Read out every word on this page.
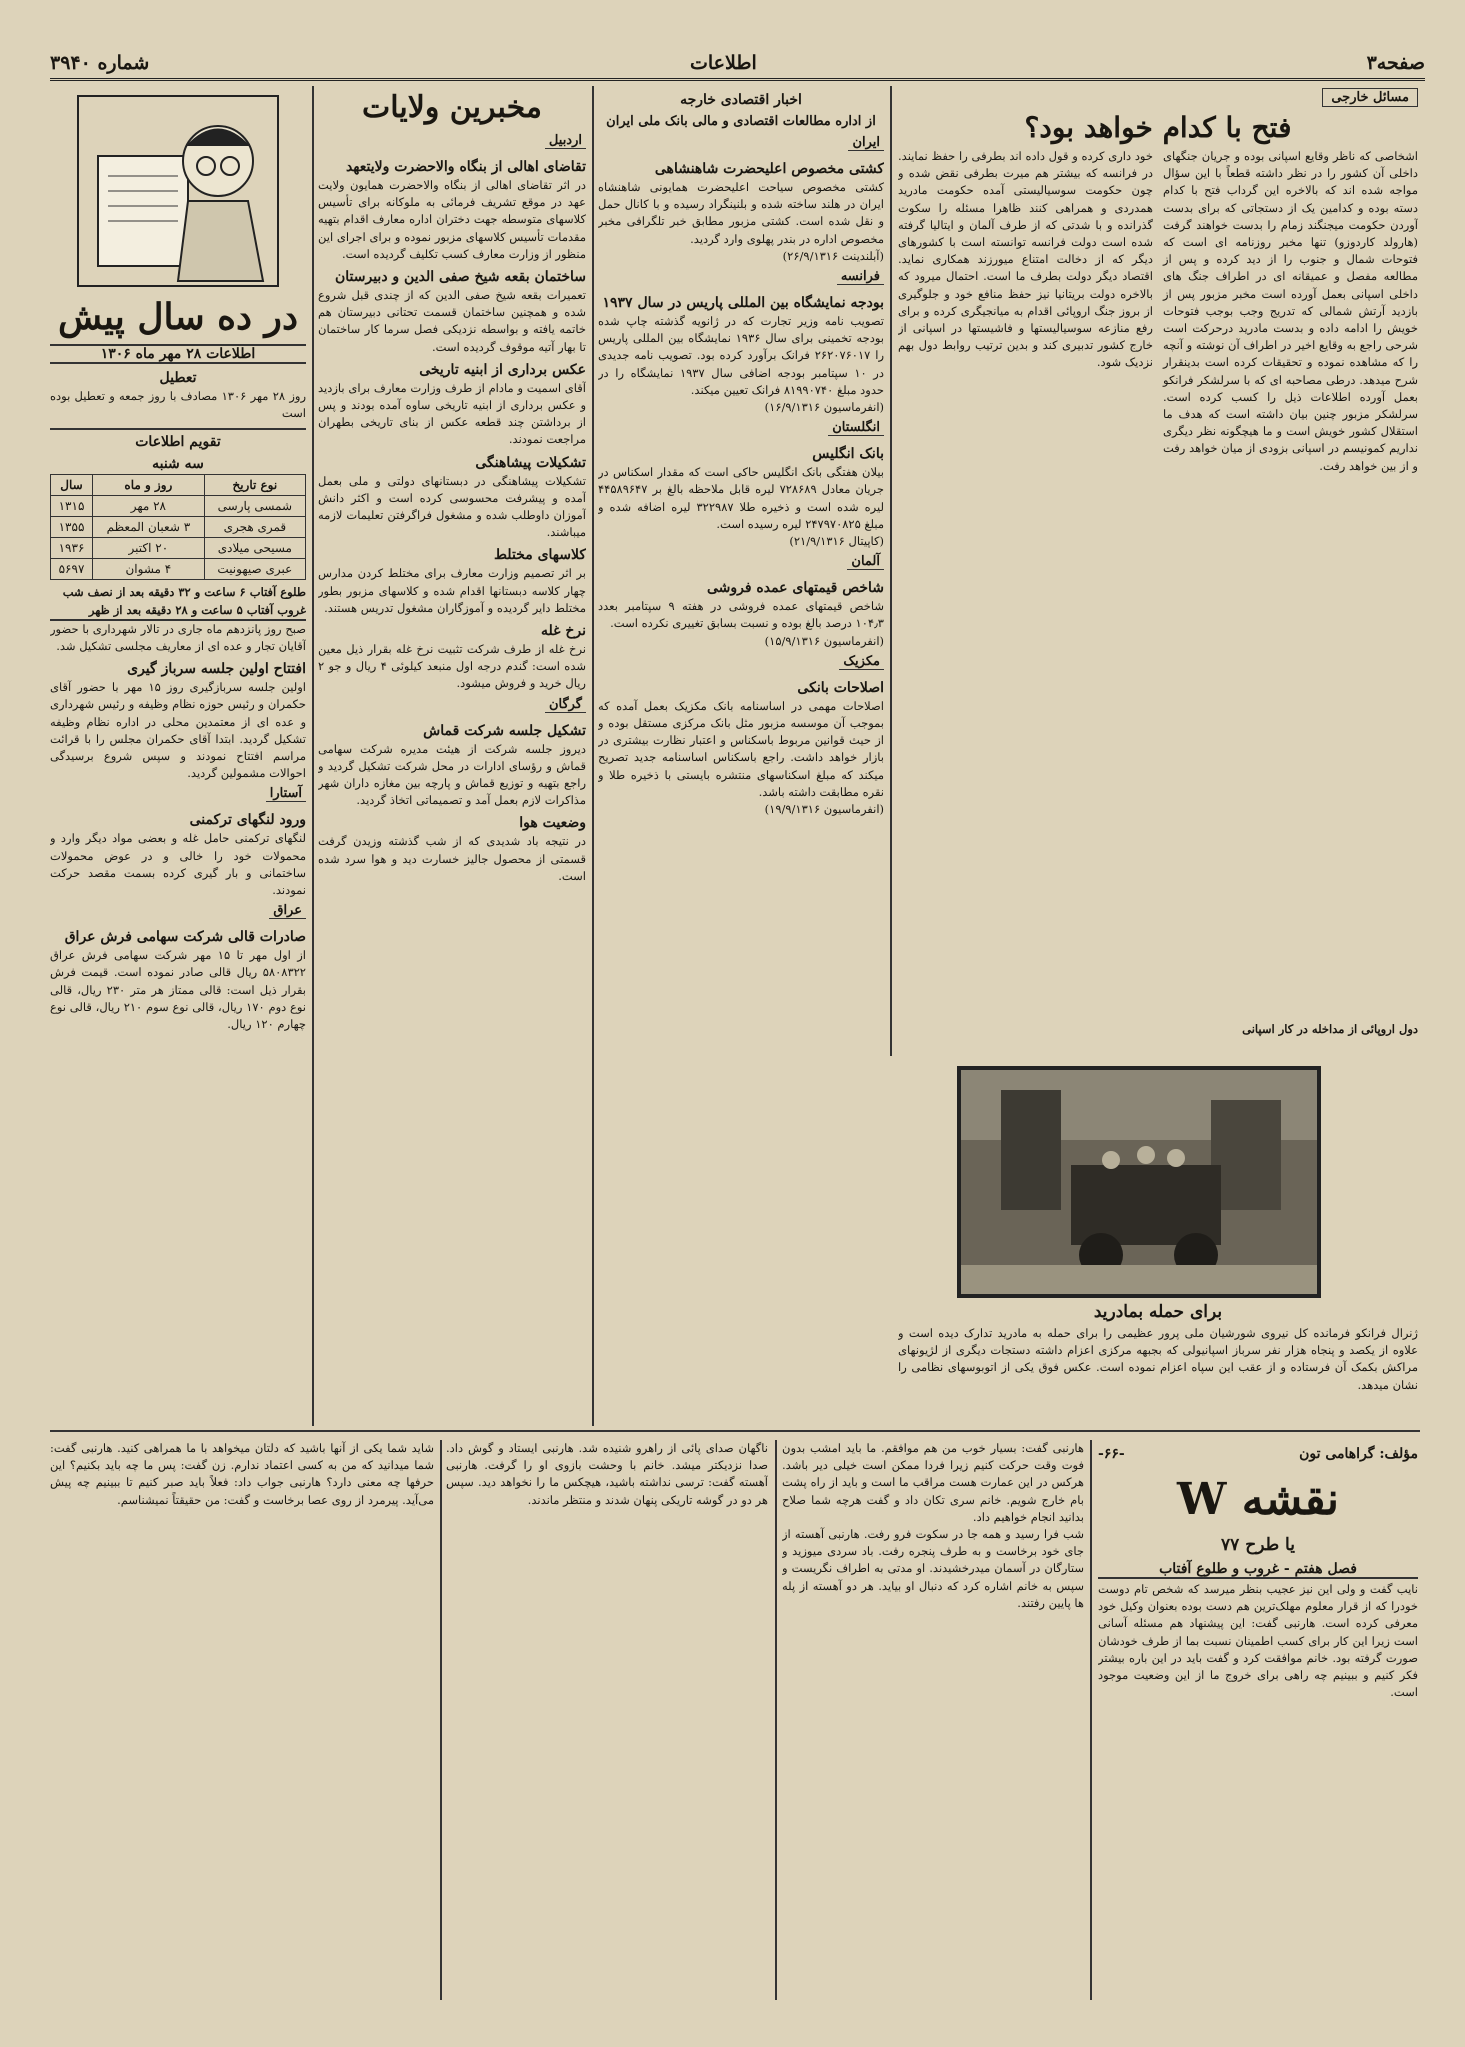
صفحه۳
اطلاعات
شماره ۳۹۴۰
مسائل خارجی
فتح با کدام خواهد بود؟

اشخاصی که ناظر وقایع اسپانی بوده و جریان جنگهای داخلی آن کشور را در نظر داشته قطعاً با این سؤال مواجه شده اند که بالاخره این گرداب فتح با کدام دسته بوده و کدامین یک از دستجاتی که برای بدست آوردن حکومت میجنگند زمام را بدست خواهند گرفت (هارولد کاردوزو) تنها مخبر روزنامه ای است که فتوحات شمال و جنوب را از دید کرده و پس از مطالعه مفصل و عمیقانه ای در اطراف جنگ های داخلی اسپانی بعمل آورده است مخبر مزبور پس از بازدید آرتش شمالی که تدریج وجب بوجب فتوحات خویش را ادامه داده و بدست مادرید درحرکت است شرحی راجع به وقایع اخیر در اطراف آن نوشته و آنچه را که مشاهده نموده و تحقیقات کرده است بدینقرار شرح میدهد. درطی مصاحبه ای که با سرلشکر فرانکو بعمل آورده اطلاعات ذیل را کسب کرده است. سرلشکر مزبور چنین بیان داشته است که هدف ما استقلال کشور خویش است و ما هیچگونه نظر دیگری نداریم کمونیسم در اسپانی بزودی از میان خواهد رفت و از بین خواهد رفت.

خود داری کرده و قول داده اند بطرفی را حفظ نمایند. در فرانسه که بیشتر هم میرت بطرفی نقض شده و چون حکومت سوسیالیستی آمده حکومت مادرید همدردی و همراهی کنند ظاهرا مسئله را سکوت گذرانده و با شدتی که از طرف آلمان و ایتالیا گرفته شده است دولت فرانسه توانسته است با کشورهای دیگر که از دخالت امتناع میورزند همکاری نماید. اقتصاد دیگر دولت بطرف ما است. احتمال میرود که بالاخره دولت بریتانیا نیز حفظ منافع خود و جلوگیری از بروز جنگ اروپائی اقدام به میانجیگری کرده و برای رفع منازعه سوسیالیستها و فاشیستها در اسپانی از خارج کشور تدبیری کند و بدین ترتیب روابط دول بهم نزدیک شود.

دول اروپائی از مداخله در کار اسپانی

برای حمله بمادرید

ژنرال فرانکو فرمانده کل نیروی شورشیان ملی ‌پرور عظیمی را برای حمله به مادرید تدارک دیده است و علاوه از یکصد و پنجاه هزار نفر سرباز اسپانیولی که بجبهه مرکزی اعزام داشته دستجات دیگری از لژیونهای مراکش بکمک آن فرستاده و از عقب این سپاه اعزام نموده است. عکس فوق یکی از اتوبوسهای نظامی را نشان میدهد.

اخبار اقتصادی خارجه
از اداره مطالعات اقتصادی و مالی بانک ملی ایران
ایران
کشتی مخصوص اعلیحضرت شاهنشاهی

کشتی مخصوص سیاحت اعلیحضرت همایونی شاهنشاه ایران در هلند ساخته شده و بلنینگراد رسیده و با کانال حمل و نقل شده است. کشتی مزبور مطابق خبر تلگرافی مخبر مخصوص اداره در بندر پهلوی وارد گردید.

(آبلندینت ۲۶/۹/۱۳۱۶)

فرانسه
بودجه نمایشگاه بین المللی پاریس در سال ۱۹۳۷

تصویب نامه وزیر تجارت که در ژانویه گذشته چاپ شده بودجه تخمینی برای سال ۱۹۳۶ نمایشگاه بین المللی پاریس را ۲۶۲۰۷۶۰۱۷ فرانک برآورد کرده بود. تصویب نامه جدیدی در ۱۰ سپتامبر بودجه اضافی سال ۱۹۳۷ نمایشگاه را در حدود مبلغ ۸۱۹۹۰۷۴۰ فرانک تعیین میکند.

(انفرماسیون ۱۶/۹/۱۳۱۶)

انگلستان
بانک انگلیس

بیلان هفتگی بانک انگلیس حاکی است که مقدار اسکناس در جریان معادل ۷۲۸۶۸۹ لیره قابل ملاحظه بالغ بر ۴۴۵۸۹۶۴۷ لیره شده است و ذخیره طلا ۳۲۲۹۸۷ لیره اضافه شده و مبلغ ۲۴۷۹۷۰۸۲۵ لیره رسیده است.

(کاپیتال ۲۱/۹/۱۳۱۶)

آلمان
شاخص قیمتهای عمده فروشی

شاخص قیمتهای عمده فروشی در هفته ۹ سپتامبر بعدد ۱۰۴٫۳ درصد بالغ بوده و نسبت بسابق تغییری نکرده است.

(انفرماسیون ۱۵/۹/۱۳۱۶)

مکزیک
اصلاحات بانکی

اصلاحات مهمی در اساسنامه بانک مکزیک بعمل آمده که بموجب آن موسسه مزبور مثل بانک مرکزی مستقل بوده و از حیث قوانین مربوط باسکناس و اعتبار نظارت بیشتری در بازار خواهد داشت. راجع باسکناس اساسنامه جدید تصریح میکند که مبلغ اسکناسهای منتشره بایستی با ذخیره طلا و نقره مطابقت داشته باشد.

(انفرماسیون ۱۹/۹/۱۳۱۶)

مخبرین ولایات
اردبیل
تقاضای اهالی از بنگاه والاحضرت ولایتعهد

در اثر تقاضای اهالی از بنگاه والاحضرت همایون ولایت عهد در موقع تشریف فرمائی به ملوکانه برای تأسیس کلاسهای متوسطه جهت دختران اداره معارف اقدام بتهیه مقدمات تأسیس کلاسهای مزبور نموده و برای اجرای این منظور از وزارت معارف کسب تکلیف گردیده است.

ساختمان بقعه شیخ صفی الدین و دبیرستان

تعمیرات بقعه شیخ صفی الدین که از چندی قبل شروع شده و همچنین ساختمان قسمت تحتانی دبیرستان هم خاتمه یافته و بواسطه نزدیکی فصل سرما کار ساختمان تا بهار آتیه موقوف گردیده است.

عکس برداری از ابنیه تاریخی

آقای اسمیت و مادام از طرف وزارت معارف برای بازدید و عکس برداری از ابنیه تاریخی ساوه آمده بودند و پس از برداشتن چند قطعه عکس از بنای تاریخی بطهران مراجعت نمودند.

تشکیلات پیشاهنگی

تشکیلات پیشاهنگی در دبستانهای دولتی و ملی بعمل آمده و پیشرفت محسوسی کرده است و اکثر دانش آموزان داوطلب شده و مشغول فراگرفتن تعلیمات لازمه میباشند.

کلاسهای مختلط

بر اثر تصمیم وزارت معارف برای مختلط کردن مدارس چهار کلاسه دبستانها اقدام شده و کلاسهای مزبور بطور مختلط دایر گردیده و آموزگاران مشغول تدریس هستند.

نرخ غله

نرخ غله از طرف شرکت تثبیت نرخ غله بقرار ذیل معین شده است: گندم درجه اول منبعد کیلوئی ۴ ریال و جو ۲ ریال خرید و فروش میشود.

گرگان
تشکیل جلسه شرکت قماش

دیروز جلسه شرکت از هیئت مدیره شرکت سهامی قماش و رؤسای ادارات در محل شرکت تشکیل گردید و راجع بتهیه و توزیع قماش و پارچه بین مغازه داران شهر مذاکرات لازم بعمل آمد و تصمیماتی اتخاذ گردید.

وضعیت هوا

در نتیجه باد شدیدی که از شب گذشته وزیدن گرفت قسمتی از محصول جالیز خسارت دید و هوا سرد شده است.

در ده سال پیش
اطلاعات ۲۸ مهر ماه ۱۳۰۶
تعطیل

روز ۲۸ مهر ۱۳۰۶ مصادف با روز جمعه و تعطیل بوده است

تقویم اطلاعات
سه شنبه
نوع تاریخ	روز و ماه	سال
شمسی پارسی	۲۸ مهر	۱۳۱۵
قمری هجری	۳ شعبان المعظم	۱۳۵۵
مسیحی میلادی	۲۰ اکتبر	۱۹۳۶
عبری صیهونیت	۴ مشوان	۵۶۹۷

طلوع آفتاب ۶ ساعت و ۳۲ دقیقه بعد از نصف شب

غروب آفتاب ۵ ساعت و ۲۸ دقیقه بعد از ظهر

صبح روز پانزدهم ماه جاری در تالار شهرداری با حضور آقایان تجار و عده ای از معاریف مجلسی تشکیل شد.

افتتاح اولین جلسه سرباز گیری

اولین جلسه سربازگیری روز ۱۵ مهر با حضور آقای حکمران و رئیس حوزه نظام وظیفه و رئیس شهرداری و عده ای از معتمدین محلی در اداره نظام وظیفه تشکیل گردید. ابتدا آقای حکمران مجلس را با قرائت مراسم افتتاح نمودند و سپس شروع برسیدگی احوالات مشمولین گردید.

آستارا
ورود لنگهای ترکمنی

لنگهای ترکمنی حامل غله و بعضی مواد دیگر وارد و محمولات خود را خالی و در عوض محمولات ساختمانی و بار گیری کرده بسمت مقصد حرکت نمودند.

عراق
صادرات قالی شرکت سهامی فرش عراق

از اول مهر تا ۱۵ مهر شرکت سهامی فرش عراق ۵۸۰۸۳۲۲ ریال قالی صادر نموده است. قیمت فرش بقرار ذیل است: قالی ممتاز هر متر ۲۳۰ ریال، قالی نوع دوم ۱۷۰ ریال، قالی نوع سوم ۲۱۰ ریال، قالی نوع چهارم ۱۲۰ ریال.

مؤلف: گراهامی تون
-۶۶-
نقشه W
یا طرح ۷۷
فصل هفتم - غروب و طلوع آفتاب

نایب گفت و ولی این نیز عجیب بنظر میرسد که شخص تام دوست خودرا که از قرار معلوم مهلک‌ترین هم دست بوده بعنوان وکیل خود معرفی کرده است. هارنبی گفت: این پیشنهاد هم مسئله آسانی است زیرا این کار برای کسب اطمینان نسبت بما از طرف خودشان صورت گرفته بود. خانم موافقت کرد و گفت باید در این باره بیشتر فکر کنیم و ببینیم چه راهی برای خروج ما از این وضعیت موجود است.

هارنبی گفت: بسیار خوب من هم موافقم. ما باید امشب بدون فوت وقت حرکت کنیم زیرا فردا ممکن است خیلی دیر باشد. هرکس در این عمارت هست مراقب ما است و باید از راه پشت بام خارج شویم. خانم سری تکان داد و گفت هرچه شما صلاح بدانید انجام خواهیم داد.

شب فرا رسید و همه جا در سکوت فرو رفت. هارنبی آهسته از جای خود برخاست و به طرف پنجره رفت. باد سردی میوزید و ستارگان در آسمان میدرخشیدند. او مدتی به اطراف نگریست و سپس به خانم اشاره کرد که دنبال او بیاید. هر دو آهسته از پله ها پایین رفتند.

ناگهان صدای پائی از راهرو شنیده شد. هارنبی ایستاد و گوش داد. صدا نزدیکتر میشد. خانم با وحشت بازوی او را گرفت. هارنبی آهسته گفت: ترسی نداشته باشید، هیچکس ما را نخواهد دید. سپس هر دو در گوشه تاریکی پنهان شدند و منتظر ماندند.

شاید شما یکی از آنها باشید که دلتان میخواهد با ما همراهی کنید. هارنبی گفت: شما میدانید که من به کسی اعتماد ندارم. زن گفت: پس ما چه باید بکنیم؟ این حرفها چه معنی دارد؟ هارنبی جواب داد: فعلاً باید صبر کنیم تا ببینیم چه پیش می‌آید. پیرمرد از روی عصا برخاست و گفت: من حقیقتاً نمیشناسم.
